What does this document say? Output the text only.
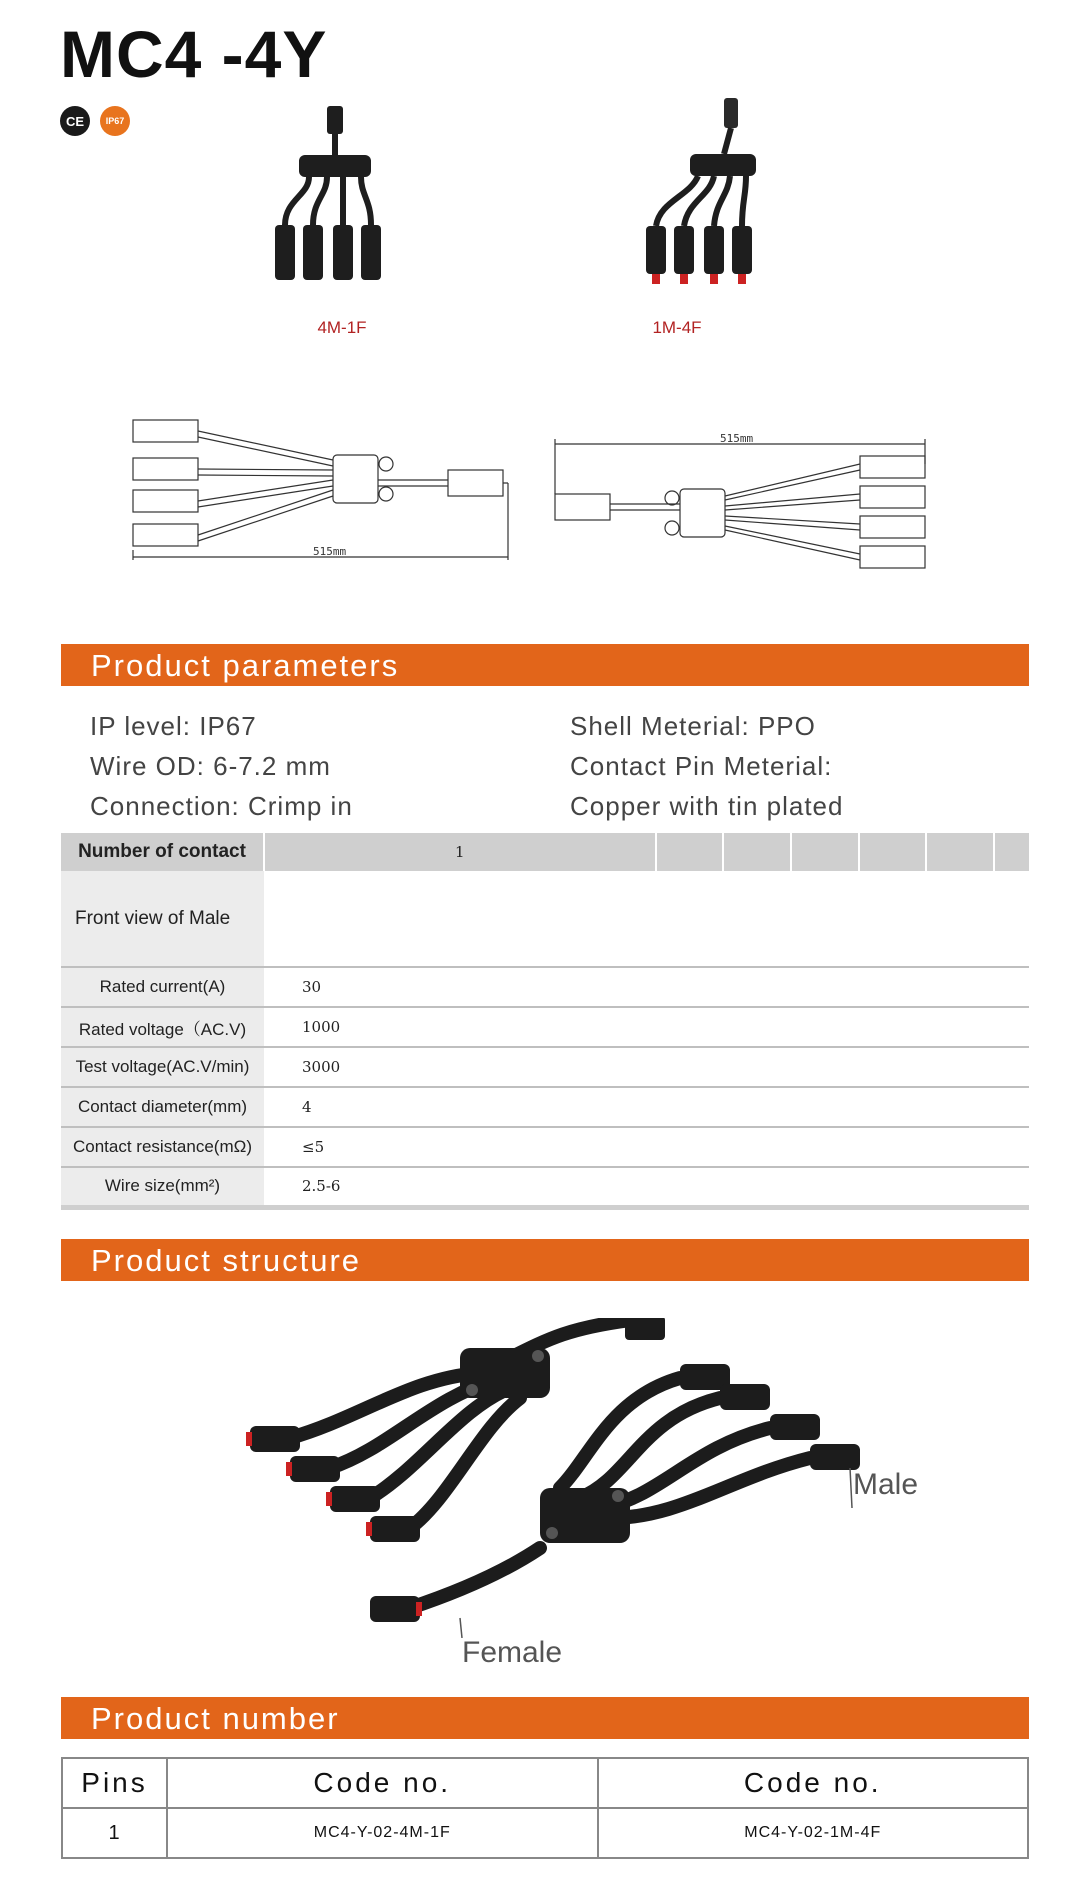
MC4 -4Y
CE	IP67
4M-1F	1M-4F
515mm
515mm
Product parameters
IP level: IP67	Shell Meterial: PPO
Wire OD: 6-7.2 mm	Contact Pin Meterial:
Connection: Crimp in	Copper with tin plated
Number of contact	1						
Front view of Male							
Rated current(A)	30						
Rated voltage（AC.V)	1000						
Test voltage(AC.V/min)	3000						
Contact diameter(mm)	4						
Contact resistance(mΩ)	≤5						
Wire size(mm²)	2.5-6						
Product structure
Male
Female
Product number
Pins	Code no.	Code no.
1	MC4-Y-02-4M-1F	MC4-Y-02-1M-4F
